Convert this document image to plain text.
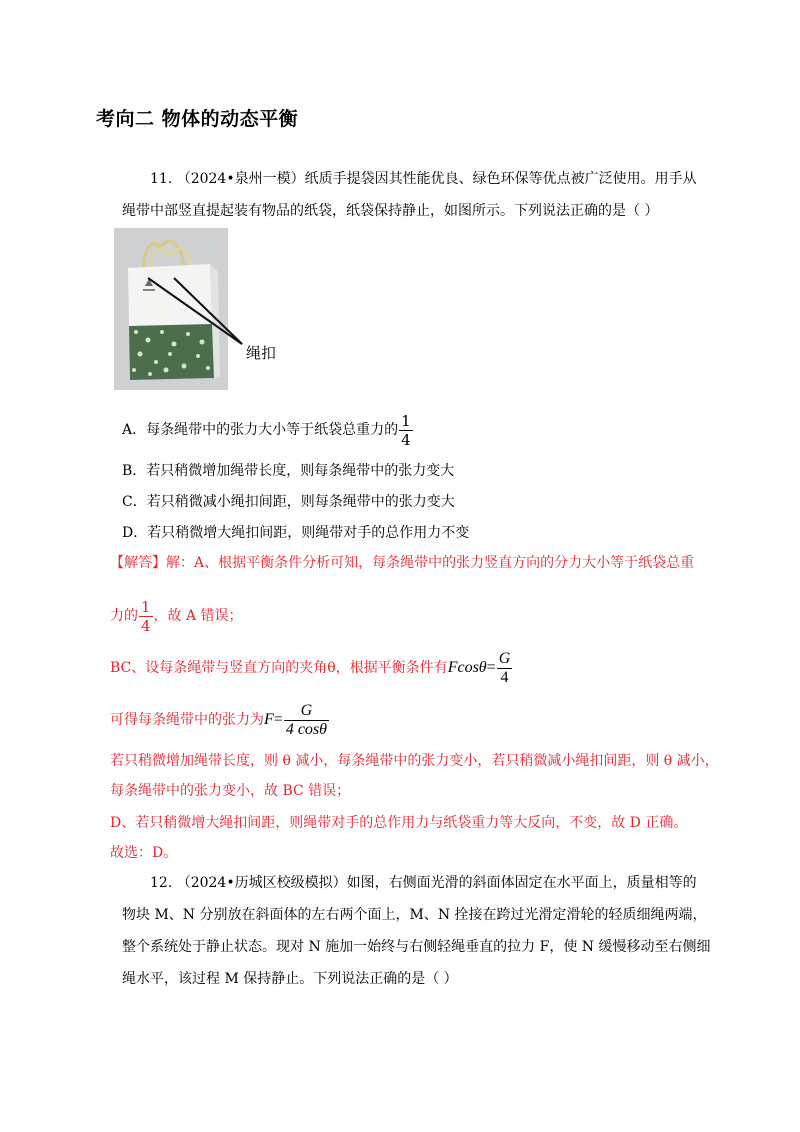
考向二 物体的动态平衡
11. （2024•泉州一模）纸质手提袋因其性能优良、绿色环保等优点被广泛使用。用手从
绳带中部竖直提起装有物品的纸袋，纸袋保持静止，如图所示。下列说法正确的是（ ）
绳扣
A．每条绳带中的张力大小等于纸袋总重力的 $\frac{1}{4}$
B．若只稍微增加绳带长度，则每条绳带中的张力变大
C．若只稍微减小绳扣间距，则每条绳带中的张力变大
D．若只稍微增大绳扣间距，则绳带对手的总作用力不变
【解答】解：A、根据平衡条件分析可知，每条绳带中的张力竖直方向的分力大小等于纸袋总重
力的 $\frac{1}{4}$ ，故 A 错误；
BC、设每条绳带与竖直方向的夹角θ，根据平衡条件有$Fcos\theta= \frac{G}{4}$
可得每条绳带中的张力为$F= \frac{G}{4 \cos\theta}$
若只稍微增加绳带长度，则 θ 减小，每条绳带中的张力变小，若只稍微减小绳扣间距，则 θ 减小，
每条绳带中的张力变小，故 BC 错误；
D、若只稍微增大绳扣间距，则绳带对手的总作用力与纸袋重力等大反向，不变，故 D 正确。
故选：D。
12. （2024•历城区校级模拟）如图，右侧面光滑的斜面体固定在水平面上，质量相等的
物块 M、N 分别放在斜面体的左右两个面上，M、N 拴接在跨过光滑定滑轮的轻质细绳两端，
整个系统处于静止状态。现对 N 施加一始终与右侧轻绳垂直的拉力 F，使 N 缓慢移动至右侧细
绳水平，该过程 M 保持静止。下列说法正确的是（ ）
